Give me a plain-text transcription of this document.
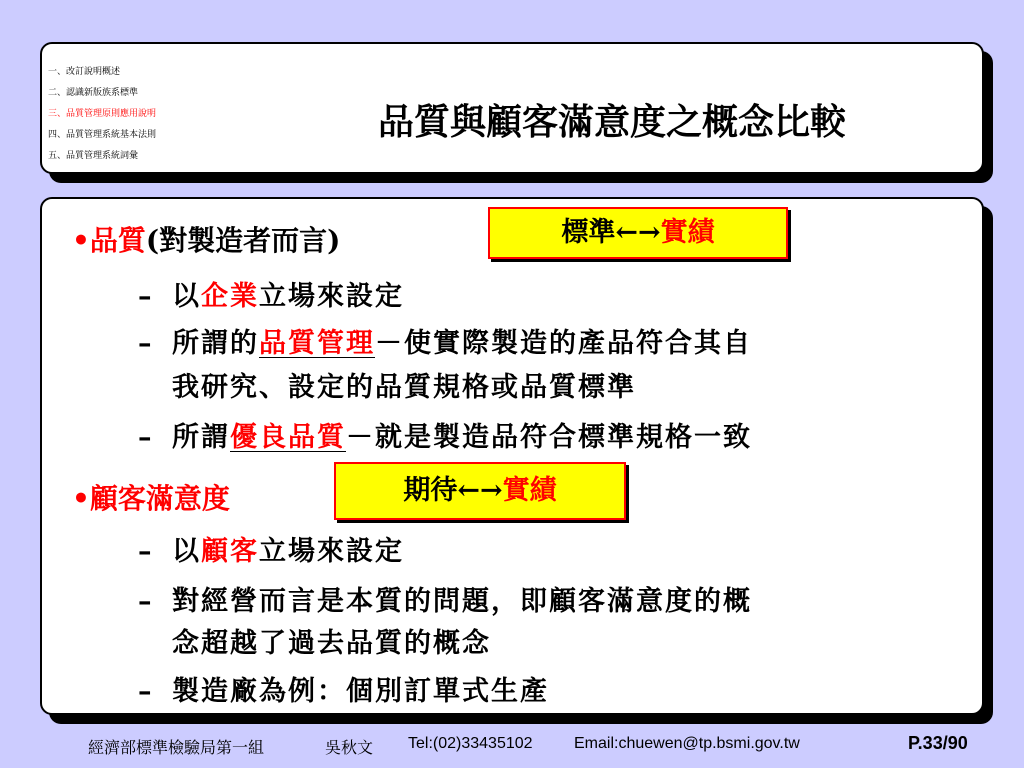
一、改訂說明概述
二、認識新版族系標準
三、品質管理原則應用說明
四、品質管理系統基本法則
五、品質管理系統詞彙
品質與顧客滿意度之概念比較
•品質(對製造者而言)	標準←→實績
– 以企業立場來設定
– 所謂的品質管理－使實際製造的產品符合其自
我研究、設定的品質規格或品質標準
– 所謂優良品質－就是製造品符合標準規格一致
•顧客滿意度	期待←→實績
– 以顧客立場來設定
– 對經營而言是本質的問題，即顧客滿意度的概
念超越了過去品質的概念
– 製造廠為例：個別訂單式生產
經濟部標準檢驗局第一組	吳秋文 Tel:(02)33435102	Email:chuewen@tp.bsmi.gov.tw	P.33/90
